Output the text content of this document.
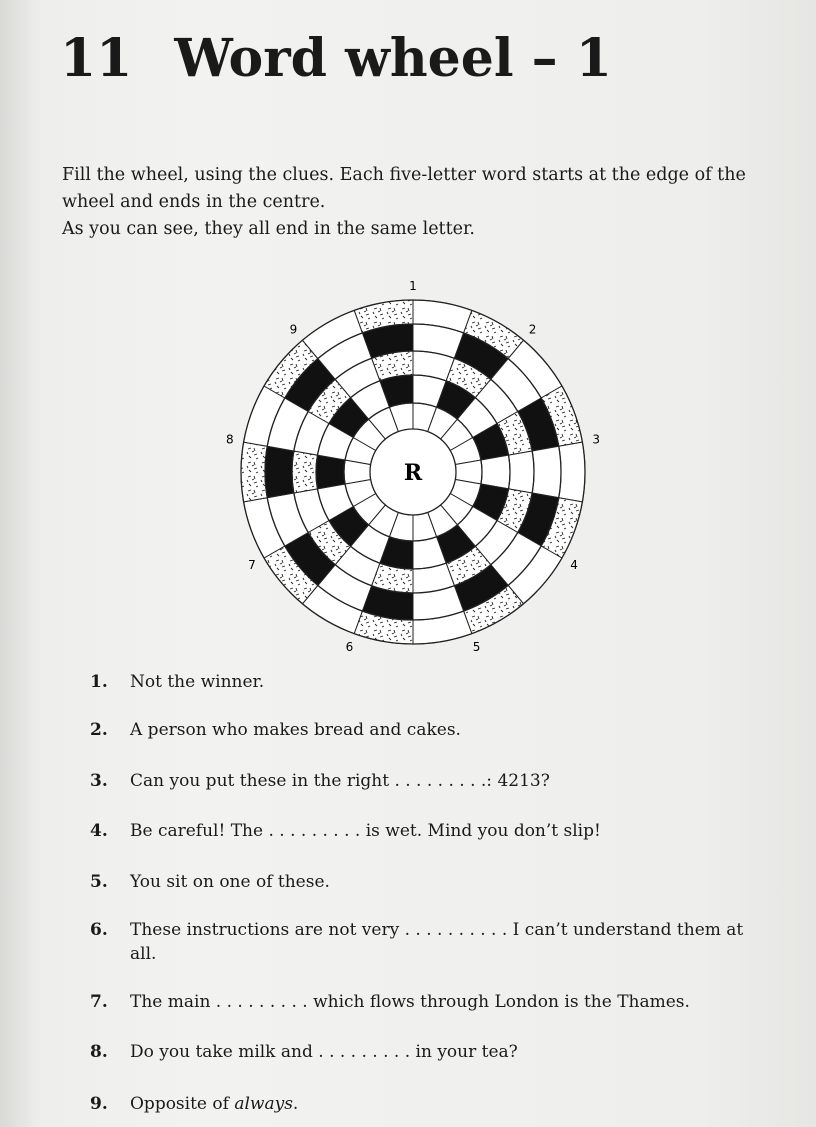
11 Word wheel – 1

Fill the wheel, using the clues. Each five-letter word starts at the edge of the wheel and ends in the centre.

As you can see, they all end in the same letter.

1
2
3
4
5
6
7
8
9
R
1.	Not the winner.
2.	A person who makes bread and cakes.
3.	Can you put these in the right . . . . . . . . .: 4213?
4.	Be careful! The . . . . . . . . . is wet. Mind you don’t slip!
5.	You sit on one of these.
6.	These instructions are not very . . . . . . . . . . I can’t understand them at all.
7.	The main . . . . . . . . . which flows through London is the Thames.
8.	Do you take milk and . . . . . . . . . in your tea?
9.	Opposite of always.
